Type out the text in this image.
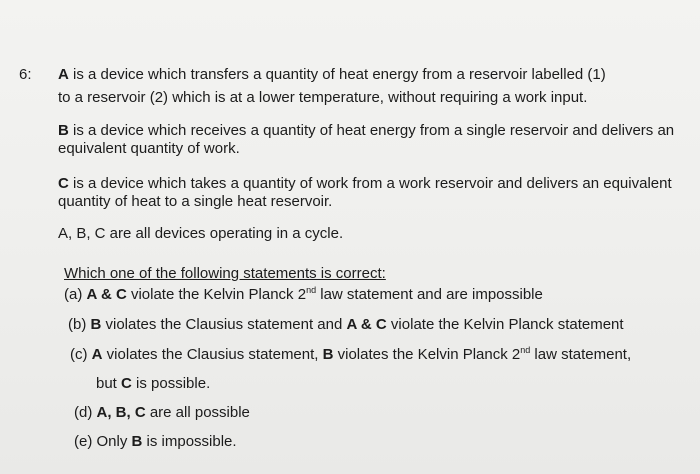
6: A is a device which transfers a quantity of heat energy from a reservoir labelled (1)
to a reservoir (2) which is at a lower temperature, without requiring a work input.
B is a device which receives a quantity of heat energy from a single reservoir and delivers an
equivalent quantity of work.
C is a device which takes a quantity of work from a work reservoir and delivers an equivalent
quantity of heat to a single heat reservoir.
A, B, C are all devices operating in a cycle.
Which one of the following statements is correct:
(a) A & C violate the Kelvin Planck 2nd law statement and are impossible
(b) B violates the Clausius statement and A & C violate the Kelvin Planck statement
(c) A violates the Clausius statement, B violates the Kelvin Planck 2nd law statement,
but C is possible.
(d) A, B, C are all possible
(e) Only B is impossible.
